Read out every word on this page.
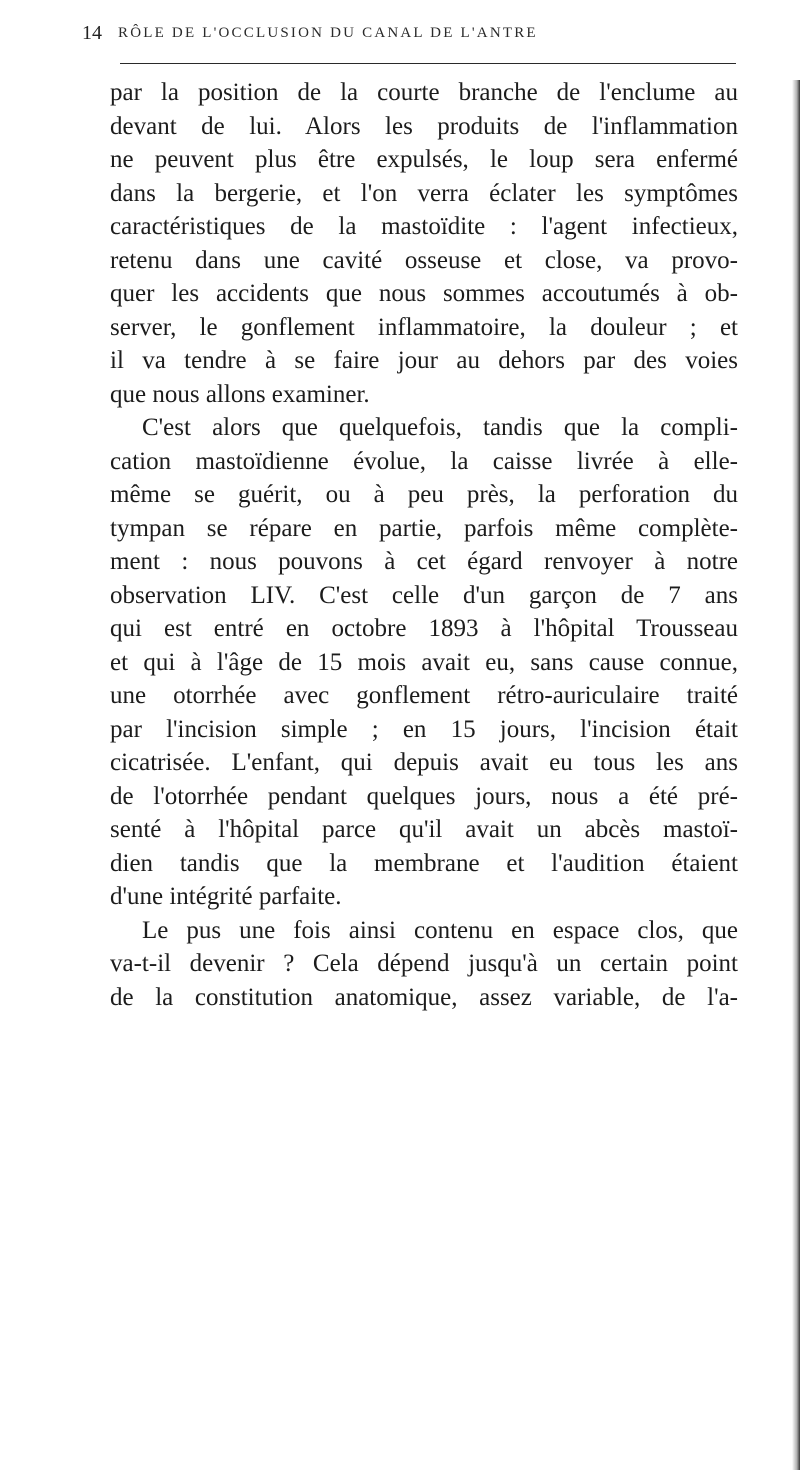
14 RÔLE DE L'OCCLUSION DU CANAL DE L'ANTRE
par la position de la courte branche de l'enclume au
devant de lui. Alors les produits de l'inflammation
ne peuvent plus être expulsés, le loup sera enfermé
dans la bergerie, et l'on verra éclater les symptômes
caractéristiques de la mastoïdite : l'agent infectieux,
retenu dans une cavité osseuse et close, va provo-
quer les accidents que nous sommes accoutumés à ob-
server, le gonflement inflammatoire, la douleur ; et
il va tendre à se faire jour au dehors par des voies
que nous allons examiner.
C'est alors que quelquefois, tandis que la compli-
cation mastoïdienne évolue, la caisse livrée à elle-
même se guérit, ou à peu près, la perforation du
tympan se répare en partie, parfois même complète-
ment : nous pouvons à cet égard renvoyer à notre
observation LIV. C'est celle d'un garçon de 7 ans
qui est entré en octobre 1893 à l'hôpital Trousseau
et qui à l'âge de 15 mois avait eu, sans cause connue,
une otorrhée avec gonflement rétro-auriculaire traité
par l'incision simple ; en 15 jours, l'incision était
cicatrisée. L'enfant, qui depuis avait eu tous les ans
de l'otorrhée pendant quelques jours, nous a été pré-
senté à l'hôpital parce qu'il avait un abcès mastoï-
dien tandis que la membrane et l'audition étaient
d'une intégrité parfaite.
Le pus une fois ainsi contenu en espace clos, que
va-t-il devenir ? Cela dépend jusqu'à un certain point
de la constitution anatomique, assez variable, de l'a-
